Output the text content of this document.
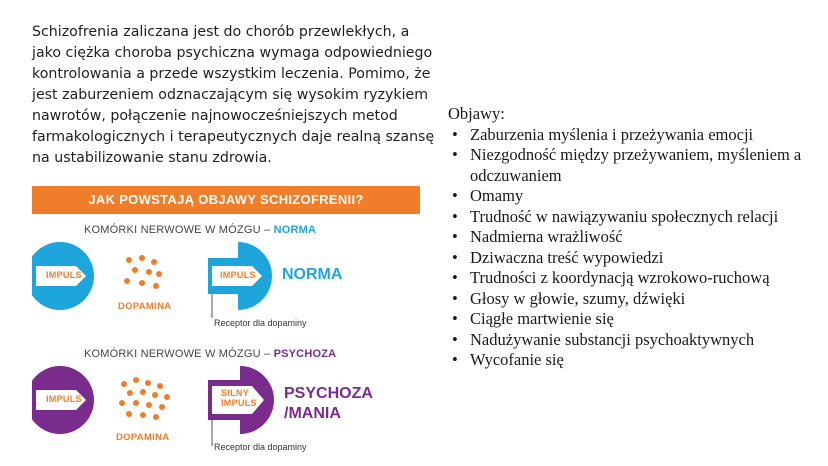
Schizofrenia zaliczana jest do chorób przewlekłych, a jako ciężka choroba psychiczna wymaga odpowiedniego kontrolowania a przede wszystkim leczenia. Pomimo, że jest zaburzeniem odznaczającym się wysokim ryzykiem nawrotów, połączenie najnowocześniejszych metod farmakologicznych i terapeutycznych daje realną szansę na ustabilizowanie stanu zdrowia.

JAK POWSTAJĄ OBJAWY SCHIZOFRENII?
KOMÓRKI NERWOWE W MÓZGU – NORMA
IMPULS	IMPULS
DOPAMINA
NORMA
Receptor dla dopaminy
KOMÓRKI NERWOWE W MÓZGU – PSYCHOZA
IMPULS
SILNY
IMPULS
DOPAMINA
PSYCHOZA
/MANIA
Receptor dla dopaminy
Objawy:
• Zaburzenia myślenia i przeżywania emocji
• Niezgodność między przeżywaniem, myśleniem a odczuwaniem
• Omamy
• Trudność w nawiązywaniu społecznych relacji
• Nadmierna wrażliwość
• Dziwaczna treść wypowiedzi
• Trudności z koordynacją wzrokowo-ruchową
• Głosy w głowie, szumy, dźwięki
• Ciągłe martwienie się
• Nadużywanie substancji psychoaktywnych
• Wycofanie się
